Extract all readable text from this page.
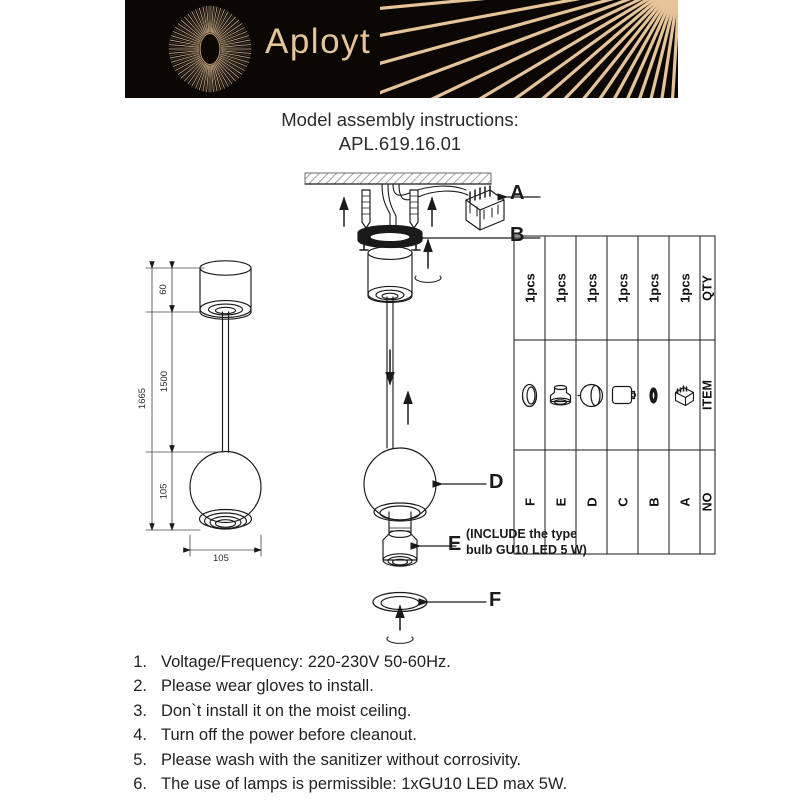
Aployt
Model assembly instructions:
APL.619.16.01
A
B
D
E
F
(INCLUDE the type
bulb GU10 LED 5 W)
60
1500
105
1665
105
F		1pcs
E		1pcs
D		1pcs
C		1pcs
B		1pcs
A		1pcs
NO	ITEM	QTY
1. Voltage/Frequency: 220-230V 50-60Hz.
2. Please wear gloves to install.
3. Don`t install it on the moist ceiling.
4. Turn off the power before cleanout.
5. Please wash with the sanitizer without corrosivity.
6. The use of lamps is permissible: 1xGU10 LED max 5W.
